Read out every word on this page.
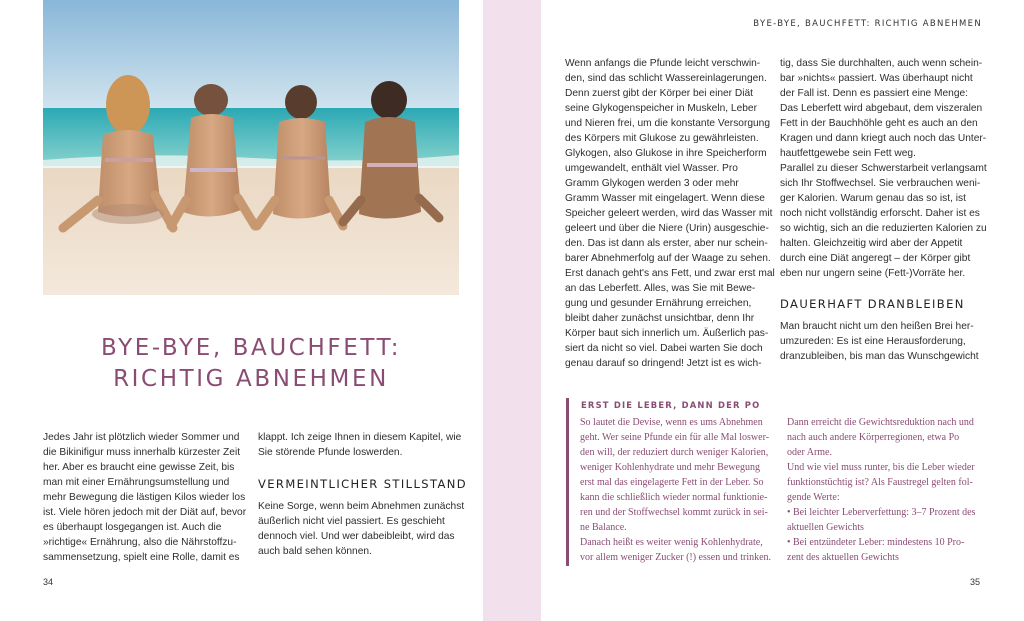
BYE-BYE, BAUCHFETT:
RICHTIG ABNEHMEN
Jedes Jahr ist plötzlich wieder Sommer und
die Bikinifigur muss innerhalb kürzester Zeit
her. Aber es braucht eine gewisse Zeit, bis
man mit einer Ernährungsumstellung und
mehr Bewegung die lästigen Kilos wieder los
ist. Viele hören jedoch mit der Diät auf, bevor
es überhaupt losgegangen ist. Auch die
»richtige« Ernährung, also die Nährstoffzu-
sammensetzung, spielt eine Rolle, damit es
klappt. Ich zeige Ihnen in diesem Kapitel, wie
Sie störende Pfunde loswerden.
VERMEINTLICHER STILLSTAND
Keine Sorge, wenn beim Abnehmen zunächst
äußerlich nicht viel passiert. Es geschieht
dennoch viel. Und wer dabeibleibt, wird das
auch bald sehen können.
34
BYE-BYE, BAUCHFETT: RICHTIG ABNEHMEN
Wenn anfangs die Pfunde leicht verschwin-
den, sind das schlicht Wassereinlagerungen.
Denn zuerst gibt der Körper bei einer Diät
seine Glykogenspeicher in Muskeln, Leber
und Nieren frei, um die konstante Versorgung
des Körpers mit Glukose zu gewährleisten.
Glykogen, also Glukose in ihre Speicherform
umgewandelt, enthält viel Wasser. Pro
Gramm Glykogen werden 3 oder mehr
Gramm Wasser mit eingelagert. Wenn diese
Speicher geleert werden, wird das Wasser mit
geleert und über die Niere (Urin) ausgeschie-
den. Das ist dann als erster, aber nur schein-
barer Abnehmerfolg auf der Waage zu sehen.
Erst danach geht's ans Fett, und zwar erst mal
an das Leberfett. Alles, was Sie mit Bewe-
gung und gesunder Ernährung erreichen,
bleibt daher zunächst unsichtbar, denn Ihr
Körper baut sich innerlich um. Äußerlich pas-
siert da nicht so viel. Dabei warten Sie doch
genau darauf so dringend! Jetzt ist es wich-
tig, dass Sie durchhalten, auch wenn schein-
bar »nichts« passiert. Was überhaupt nicht
der Fall ist. Denn es passiert eine Menge:
Das Leberfett wird abgebaut, dem viszeralen
Fett in der Bauchhöhle geht es auch an den
Kragen und dann kriegt auch noch das Unter-
hautfettgewebe sein Fett weg.
Parallel zu dieser Schwerstarbeit verlangsamt
sich Ihr Stoffwechsel. Sie verbrauchen weni-
ger Kalorien. Warum genau das so ist, ist
noch nicht vollständig erforscht. Daher ist es
so wichtig, sich an die reduzierten Kalorien zu
halten. Gleichzeitig wird aber der Appetit
durch eine Diät angeregt – der Körper gibt
eben nur ungern seine (Fett-)Vorräte her.
DAUERHAFT DRANBLEIBEN
Man braucht nicht um den heißen Brei her-
umzureden: Es ist eine Herausforderung,
dranzubleiben, bis man das Wunschgewicht
ERST DIE LEBER, DANN DER PO
So lautet die Devise, wenn es ums Abnehmen
geht. Wer seine Pfunde ein für alle Mal loswer-
den will, der reduziert durch weniger Kalorien,
weniger Kohlenhydrate und mehr Bewegung
erst mal das eingelagerte Fett in der Leber. So
kann die schließlich wieder normal funktionie-
ren und der Stoffwechsel kommt zurück in sei-
ne Balance.
Danach heißt es weiter wenig Kohlenhydrate,
vor allem weniger Zucker (!) essen und trinken.
Dann erreicht die Gewichtsreduktion nach und
nach auch andere Körperregionen, etwa Po
oder Arme.
Und wie viel muss runter, bis die Leber wieder
funktionstüchtig ist? Als Faustregel gelten fol-
gende Werte:
• Bei leichter Leberverfettung: 3–7 Prozent des
aktuellen Gewichts
• Bei entzündeter Leber: mindestens 10 Pro-
zent des aktuellen Gewichts
35
